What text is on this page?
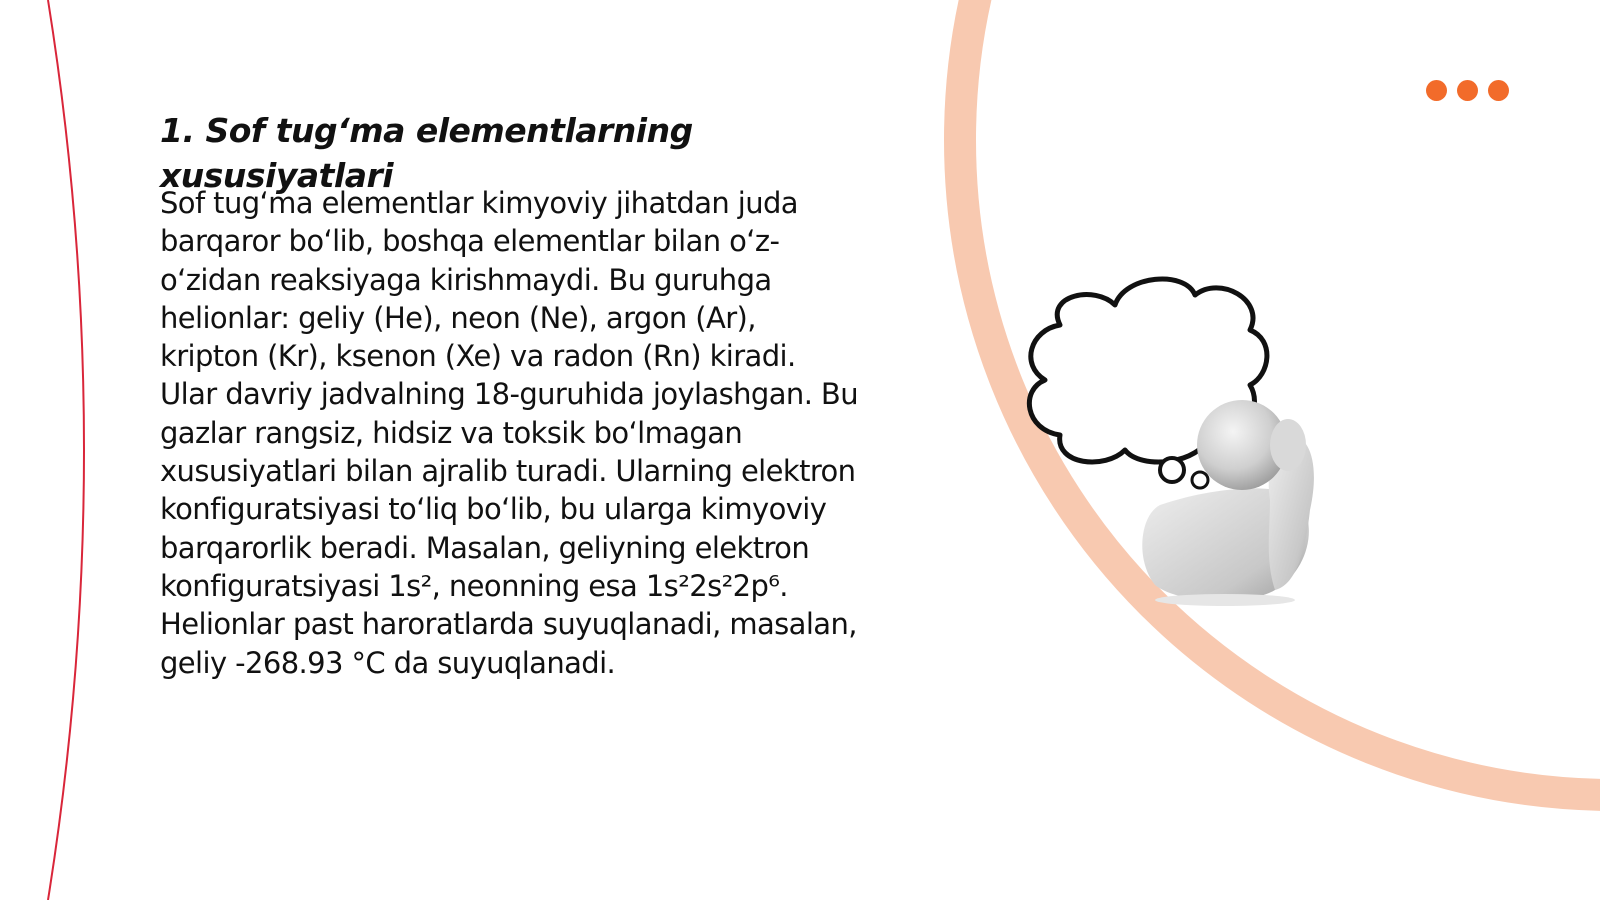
1. Sof tug‘ma elementlarning xususiyatlari

Sof tug‘ma elementlar kimyoviy jihatdan juda barqaror bo‘lib, boshqa elementlar bilan o‘z-o‘zidan reaksiyaga kirishmaydi. Bu guruhga helionlar: geliy (He), neon (Ne), argon (Ar), kripton (Kr), ksenon (Xe) va radon (Rn) kiradi. Ular davriy jadvalning 18-guruhida joylashgan. Bu gazlar rangsiz, hidsiz va toksik bo‘lmagan xususiyatlari bilan ajralib turadi. Ularning elektron konfiguratsiyasi to‘liq bo‘lib, bu ularga kimyoviy barqarorlik beradi. Masalan, geliyning elektron konfiguratsiyasi 1s², neonning esa 1s²2s²2p⁶. Helionlar past haroratlarda suyuqlanadi, masalan, geliy -268.93 °C da suyuqlanadi.
